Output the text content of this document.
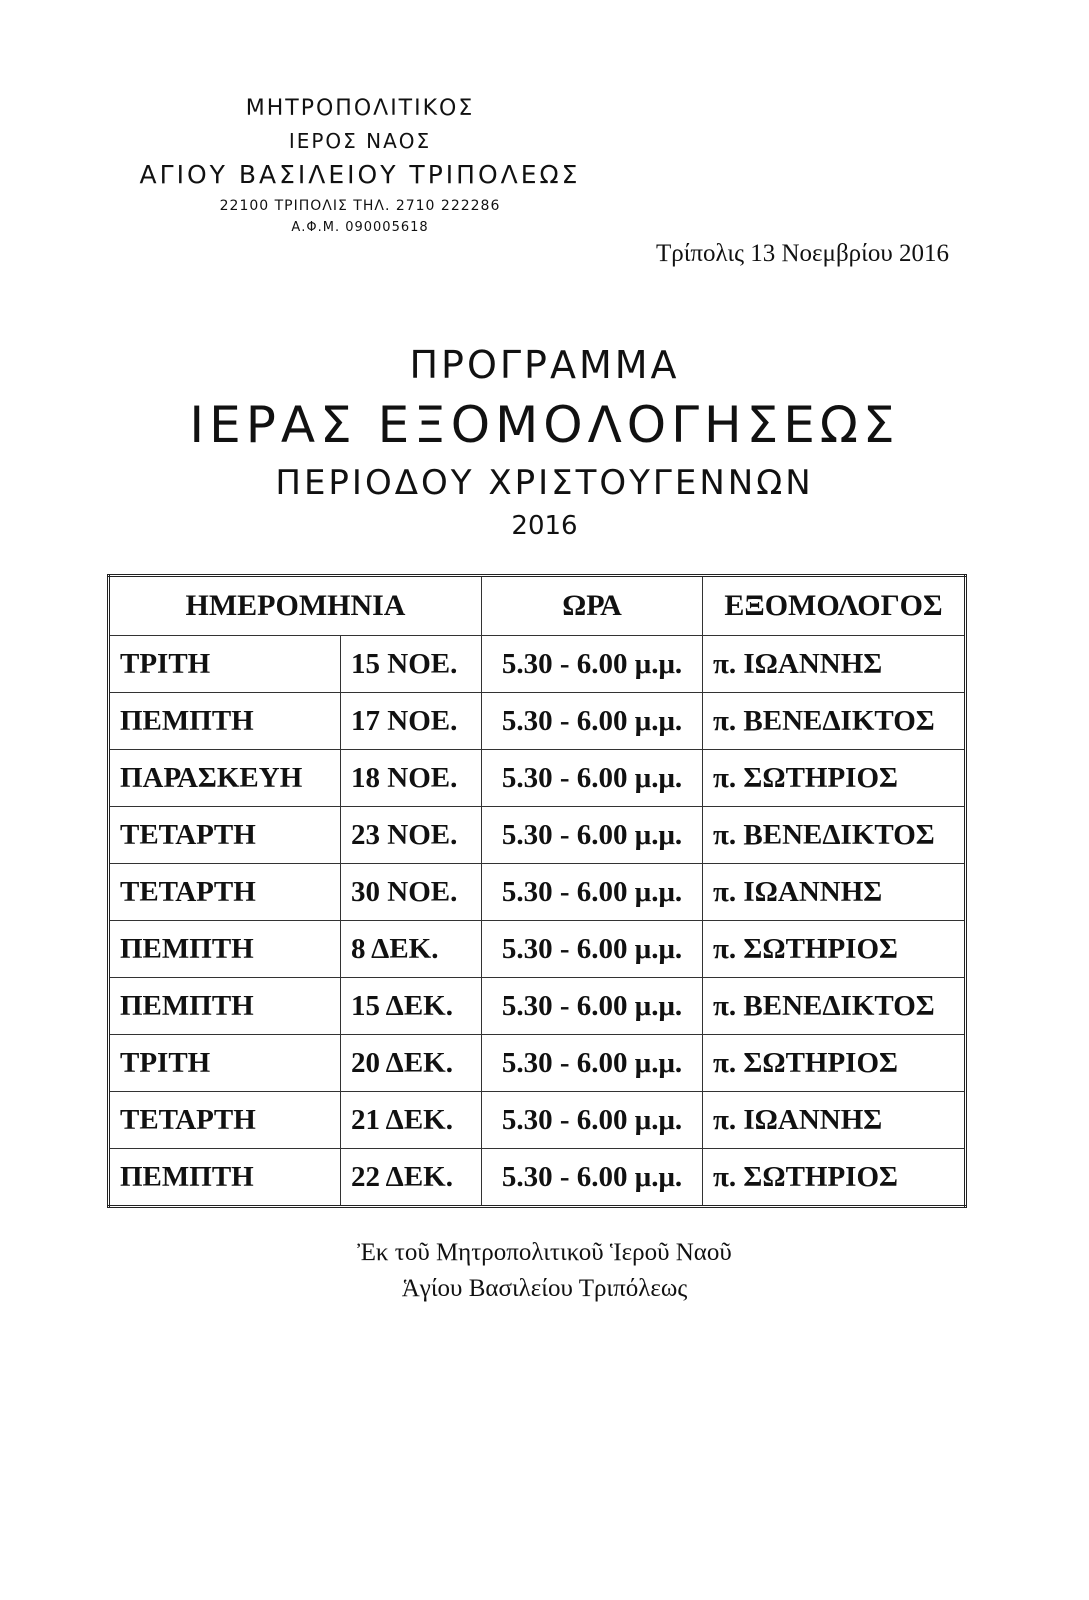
ΜΗΤΡΟΠΟΛΙΤΙΚΟΣ
ΙΕΡΟΣ ΝΑΟΣ
ΑΓΙΟΥ ΒΑΣΙΛΕΙΟΥ ΤΡΙΠΟΛΕΩΣ
22100 ΤΡΙΠΟΛΙΣ ΤΗΛ. 2710 222286
Α.Φ.Μ. 090005618
Τρίπολις 13 Νοεμβρίου 2016
ΠΡΟΓΡΑΜΜΑ
ΙΕΡΑΣ ΕΞΟΜΟΛΟΓΗΣΕΩΣ
ΠΕΡΙΟΔΟΥ ΧΡΙΣΤΟΥΓΕΝΝΩΝ
2016
ΗΜΕΡΟΜΗΝΙΑ		ΩΡΑ	ΕΞΟΜΟΛΟΓΟΣ
ΤΡΙΤΗ	15 ΝΟΕ.	5.30 - 6.00 μ.μ.	π. ΙΩΑΝΝΗΣ
ΠΕΜΠΤΗ	17 ΝΟΕ.	5.30 - 6.00 μ.μ.	π. ΒΕΝΕΔΙΚΤΟΣ
ΠΑΡΑΣΚΕΥΗ	18 ΝΟΕ.	5.30 - 6.00 μ.μ.	π. ΣΩΤΗΡΙΟΣ
ΤΕΤΑΡΤΗ	23 ΝΟΕ.	5.30 - 6.00 μ.μ.	π. ΒΕΝΕΔΙΚΤΟΣ
ΤΕΤΑΡΤΗ	30 ΝΟΕ.	5.30 - 6.00 μ.μ.	π. ΙΩΑΝΝΗΣ
ΠΕΜΠΤΗ	8 ΔΕΚ.	5.30 - 6.00 μ.μ.	π. ΣΩΤΗΡΙΟΣ
ΠΕΜΠΤΗ	15 ΔΕΚ.	5.30 - 6.00 μ.μ.	π. ΒΕΝΕΔΙΚΤΟΣ
ΤΡΙΤΗ	20 ΔΕΚ.	5.30 - 6.00 μ.μ.	π. ΣΩΤΗΡΙΟΣ
ΤΕΤΑΡΤΗ	21 ΔΕΚ.	5.30 - 6.00 μ.μ.	π. ΙΩΑΝΝΗΣ
ΠΕΜΠΤΗ	22 ΔΕΚ.	5.30 - 6.00 μ.μ.	π. ΣΩΤΗΡΙΟΣ
Ἐκ τοῦ Μητροπολιτικοῦ Ἱεροῦ Ναοῦ
Ἁγίου Βασιλείου Τριπόλεως
